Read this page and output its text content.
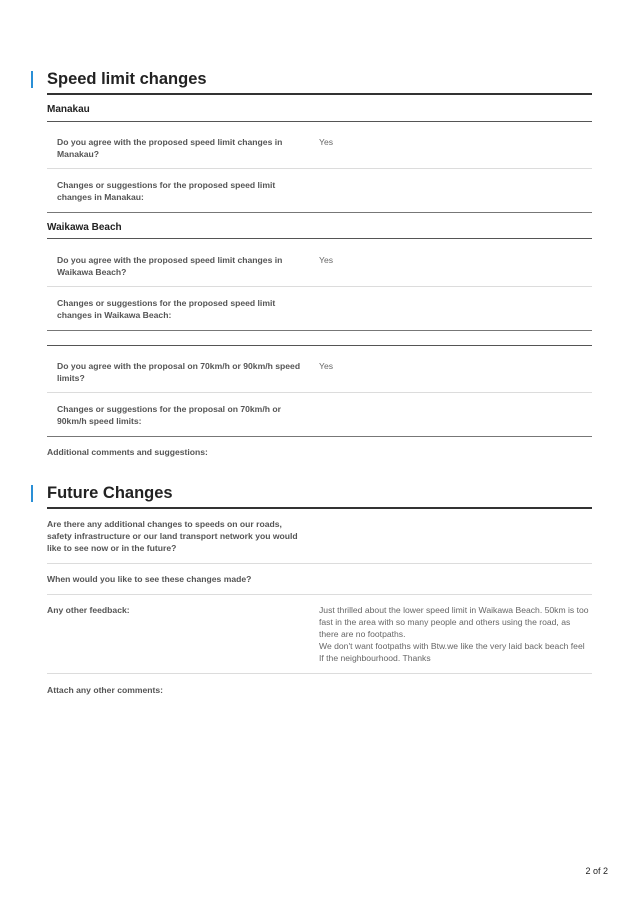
Speed limit changes
Manakau
Do you agree with the proposed speed limit changes in Manakau?
Yes
Changes or suggestions for the proposed speed limit changes in Manakau:
Waikawa Beach
Do you agree with the proposed speed limit changes in Waikawa Beach?
Yes
Changes or suggestions for the proposed speed limit changes in Waikawa Beach:
Do you agree with the proposal on 70km/h or 90km/h speed limits?
Yes
Changes or suggestions for the proposal on 70km/h or 90km/h speed limits:
Additional comments and suggestions:
Future Changes
Are there any additional changes to speeds on our roads, safety infrastructure or our land transport network you would like to see now or in the future?
When would you like to see these changes made?
Any other feedback:	Just thrilled about the lower speed limit in Waikawa Beach. 50km is too fast in the area with so many people and others using the road, as there are no footpaths.

We don't want footpaths with Btw.we like the very laid back beach feel If the neighbourhood. Thanks

Attach any other comments:
2 of 2
